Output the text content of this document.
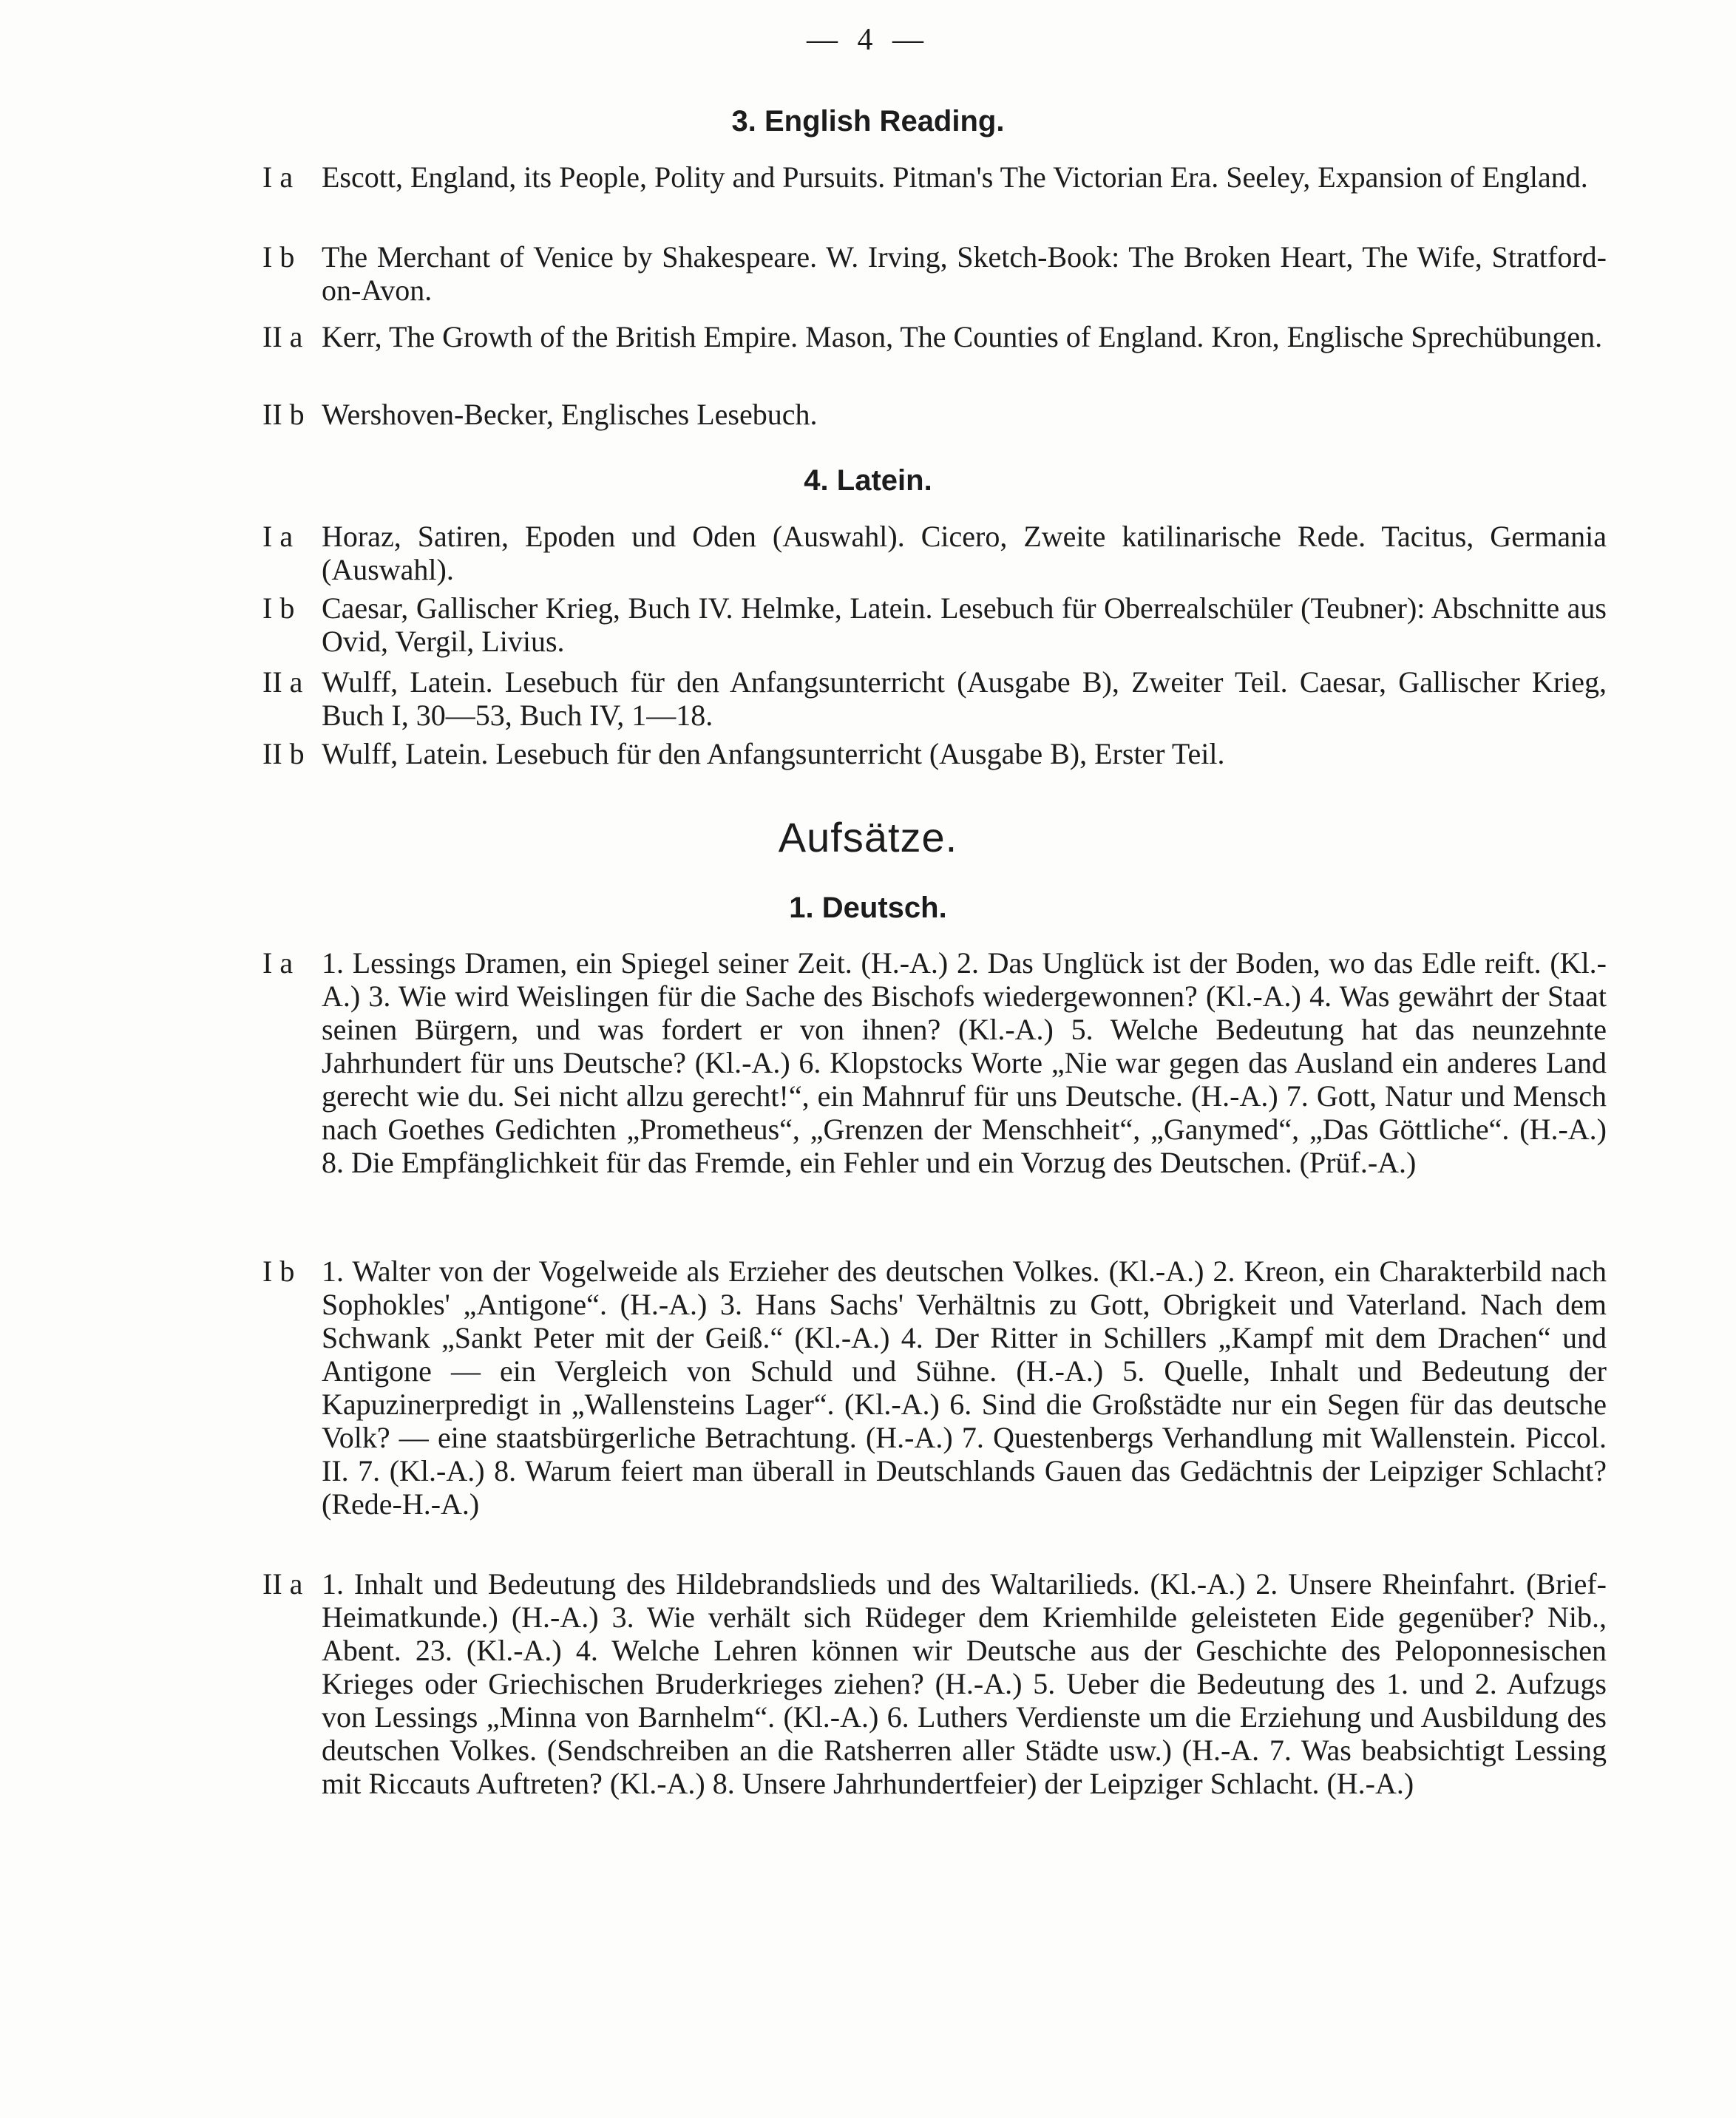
— 4 —
3. English Reading.
I a Escott, England, its People, Polity and Pursuits. Pitman's The Victorian Era. Seeley, Expansion of England.
I b The Merchant of Venice by Shakespeare. W. Irving, Sketch-Book: The Broken Heart, The Wife, Stratford-on-Avon.
II a Kerr, The Growth of the British Empire. Mason, The Counties of England. Kron, Englische Sprechübungen.
II b Wershoven-Becker, Englisches Lesebuch.
4. Latein.
I a Horaz, Satiren, Epoden und Oden (Auswahl). Cicero, Zweite katilinarische Rede. Tacitus, Germania (Auswahl).
I b Caesar, Gallischer Krieg, Buch IV. Helmke, Latein. Lesebuch für Oberrealschüler (Teubner): Abschnitte aus Ovid, Vergil, Livius.
II a Wulff, Latein. Lesebuch für den Anfangsunterricht (Ausgabe B), Zweiter Teil. Caesar, Gallischer Krieg, Buch I, 30—53, Buch IV, 1—18.
II b Wulff, Latein. Lesebuch für den Anfangsunterricht (Ausgabe B), Erster Teil.
Aufsätze.
1. Deutsch.
I a 1. Lessings Dramen, ein Spiegel seiner Zeit. (H.-A.) 2. Das Unglück ist der Boden, wo das Edle reift. (Kl.-A.) 3. Wie wird Weislingen für die Sache des Bischofs wiedergewonnen? (Kl.-A.) 4. Was gewährt der Staat seinen Bürgern, und was fordert er von ihnen? (Kl.-A.) 5. Welche Bedeutung hat das neunzehnte Jahrhundert für uns Deutsche? (Kl.-A.) 6. Klopstocks Worte „Nie war gegen das Ausland ein anderes Land gerecht wie du. Sei nicht allzu gerecht!“, ein Mahnruf für uns Deutsche. (H.-A.) 7. Gott, Natur und Mensch nach Goethes Gedichten „Prometheus“, „Grenzen der Menschheit“, „Ganymed“, „Das Göttliche“. (H.-A.) 8. Die Empfänglichkeit für das Fremde, ein Fehler und ein Vorzug des Deutschen. (Prüf.-A.)
I b 1. Walter von der Vogelweide als Erzieher des deutschen Volkes. (Kl.-A.) 2. Kreon, ein Charakterbild nach Sophokles' „Antigone“. (H.-A.) 3. Hans Sachs' Verhältnis zu Gott, Obrigkeit und Vaterland. Nach dem Schwank „Sankt Peter mit der Geiß.“ (Kl.-A.) 4. Der Ritter in Schillers „Kampf mit dem Drachen“ und Antigone — ein Vergleich von Schuld und Sühne. (H.-A.) 5. Quelle, Inhalt und Bedeutung der Kapuzinerpredigt in „Wallensteins Lager“. (Kl.-A.) 6. Sind die Großstädte nur ein Segen für das deutsche Volk? — eine staatsbürgerliche Betrachtung. (H.-A.) 7. Questenbergs Verhandlung mit Wallenstein. Piccol. II. 7. (Kl.-A.) 8. Warum feiert man überall in Deutschlands Gauen das Gedächtnis der Leipziger Schlacht? (Rede-H.-A.)
II a 1. Inhalt und Bedeutung des Hildebrandslieds und des Waltarilieds. (Kl.-A.) 2. Unsere Rheinfahrt. (Brief-Heimatkunde.) (H.-A.) 3. Wie verhält sich Rüdeger dem Kriemhilde geleisteten Eide gegenüber? Nib., Abent. 23. (Kl.-A.) 4. Welche Lehren können wir Deutsche aus der Geschichte des Peloponnesischen Krieges oder Griechischen Bruderkrieges ziehen? (H.-A.) 5. Ueber die Bedeutung des 1. und 2. Aufzugs von Lessings „Minna von Barnhelm“. (Kl.-A.) 6. Luthers Verdienste um die Erziehung und Ausbildung des deutschen Volkes. (Sendschreiben an die Ratsherren aller Städte usw.) (H.-A. 7. Was beabsichtigt Lessing mit Riccauts Auftreten? (Kl.-A.) 8. Unsere Jahrhundertfeier) der Leipziger Schlacht. (H.-A.)
